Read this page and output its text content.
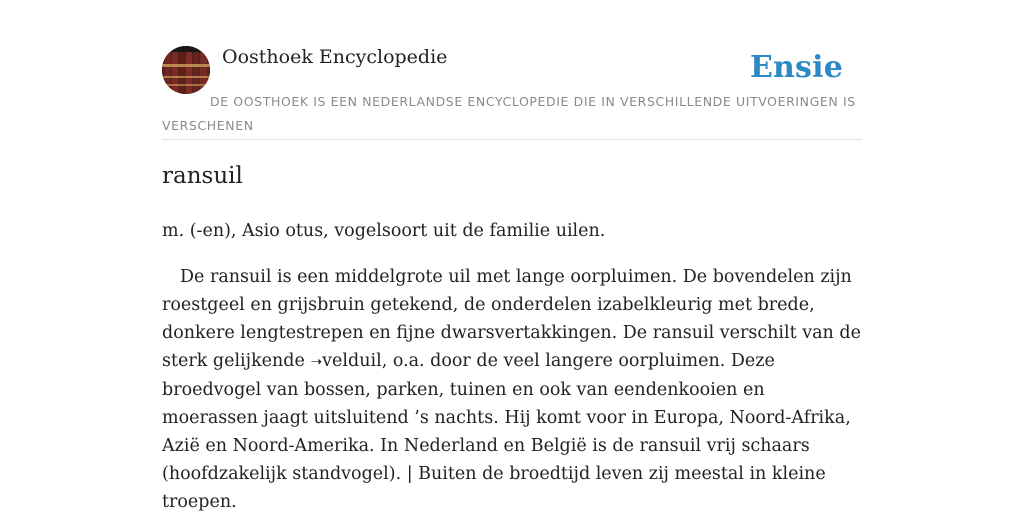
Oosthoek Encyclopedie	Ensie
DE OOSTHOEK IS EEN NEDERLANDSE ENCYCLOPEDIE DIE IN VERSCHILLENDE UITVOERINGEN IS VERSCHENEN
ransuil
m. (-en), Asio otus, vogelsoort uit de familie uilen.

De ransuil is een middelgrote uil met lange oorpluimen. De bovendelen zijn roestgeel en grijsbruin getekend, de onderdelen izabelkleurig met brede, donkere lengtestrepen en fijne dwarsvertakkingen. De ransuil verschilt van de sterk gelijkende ➝velduil, o.a. door de veel langere oorpluimen. Deze broedvogel van bossen, parken, tuinen en ook van eendenkooien en moerassen jaagt uitsluitend ’s nachts. Hij komt voor in Europa, Noord-Afrika, Azië en Noord-Amerika. In Nederland en België is de ransuil vrij schaars (hoofdzakelijk standvogel). | Buiten de broedtijd leven zij meestal in kleine troepen.
